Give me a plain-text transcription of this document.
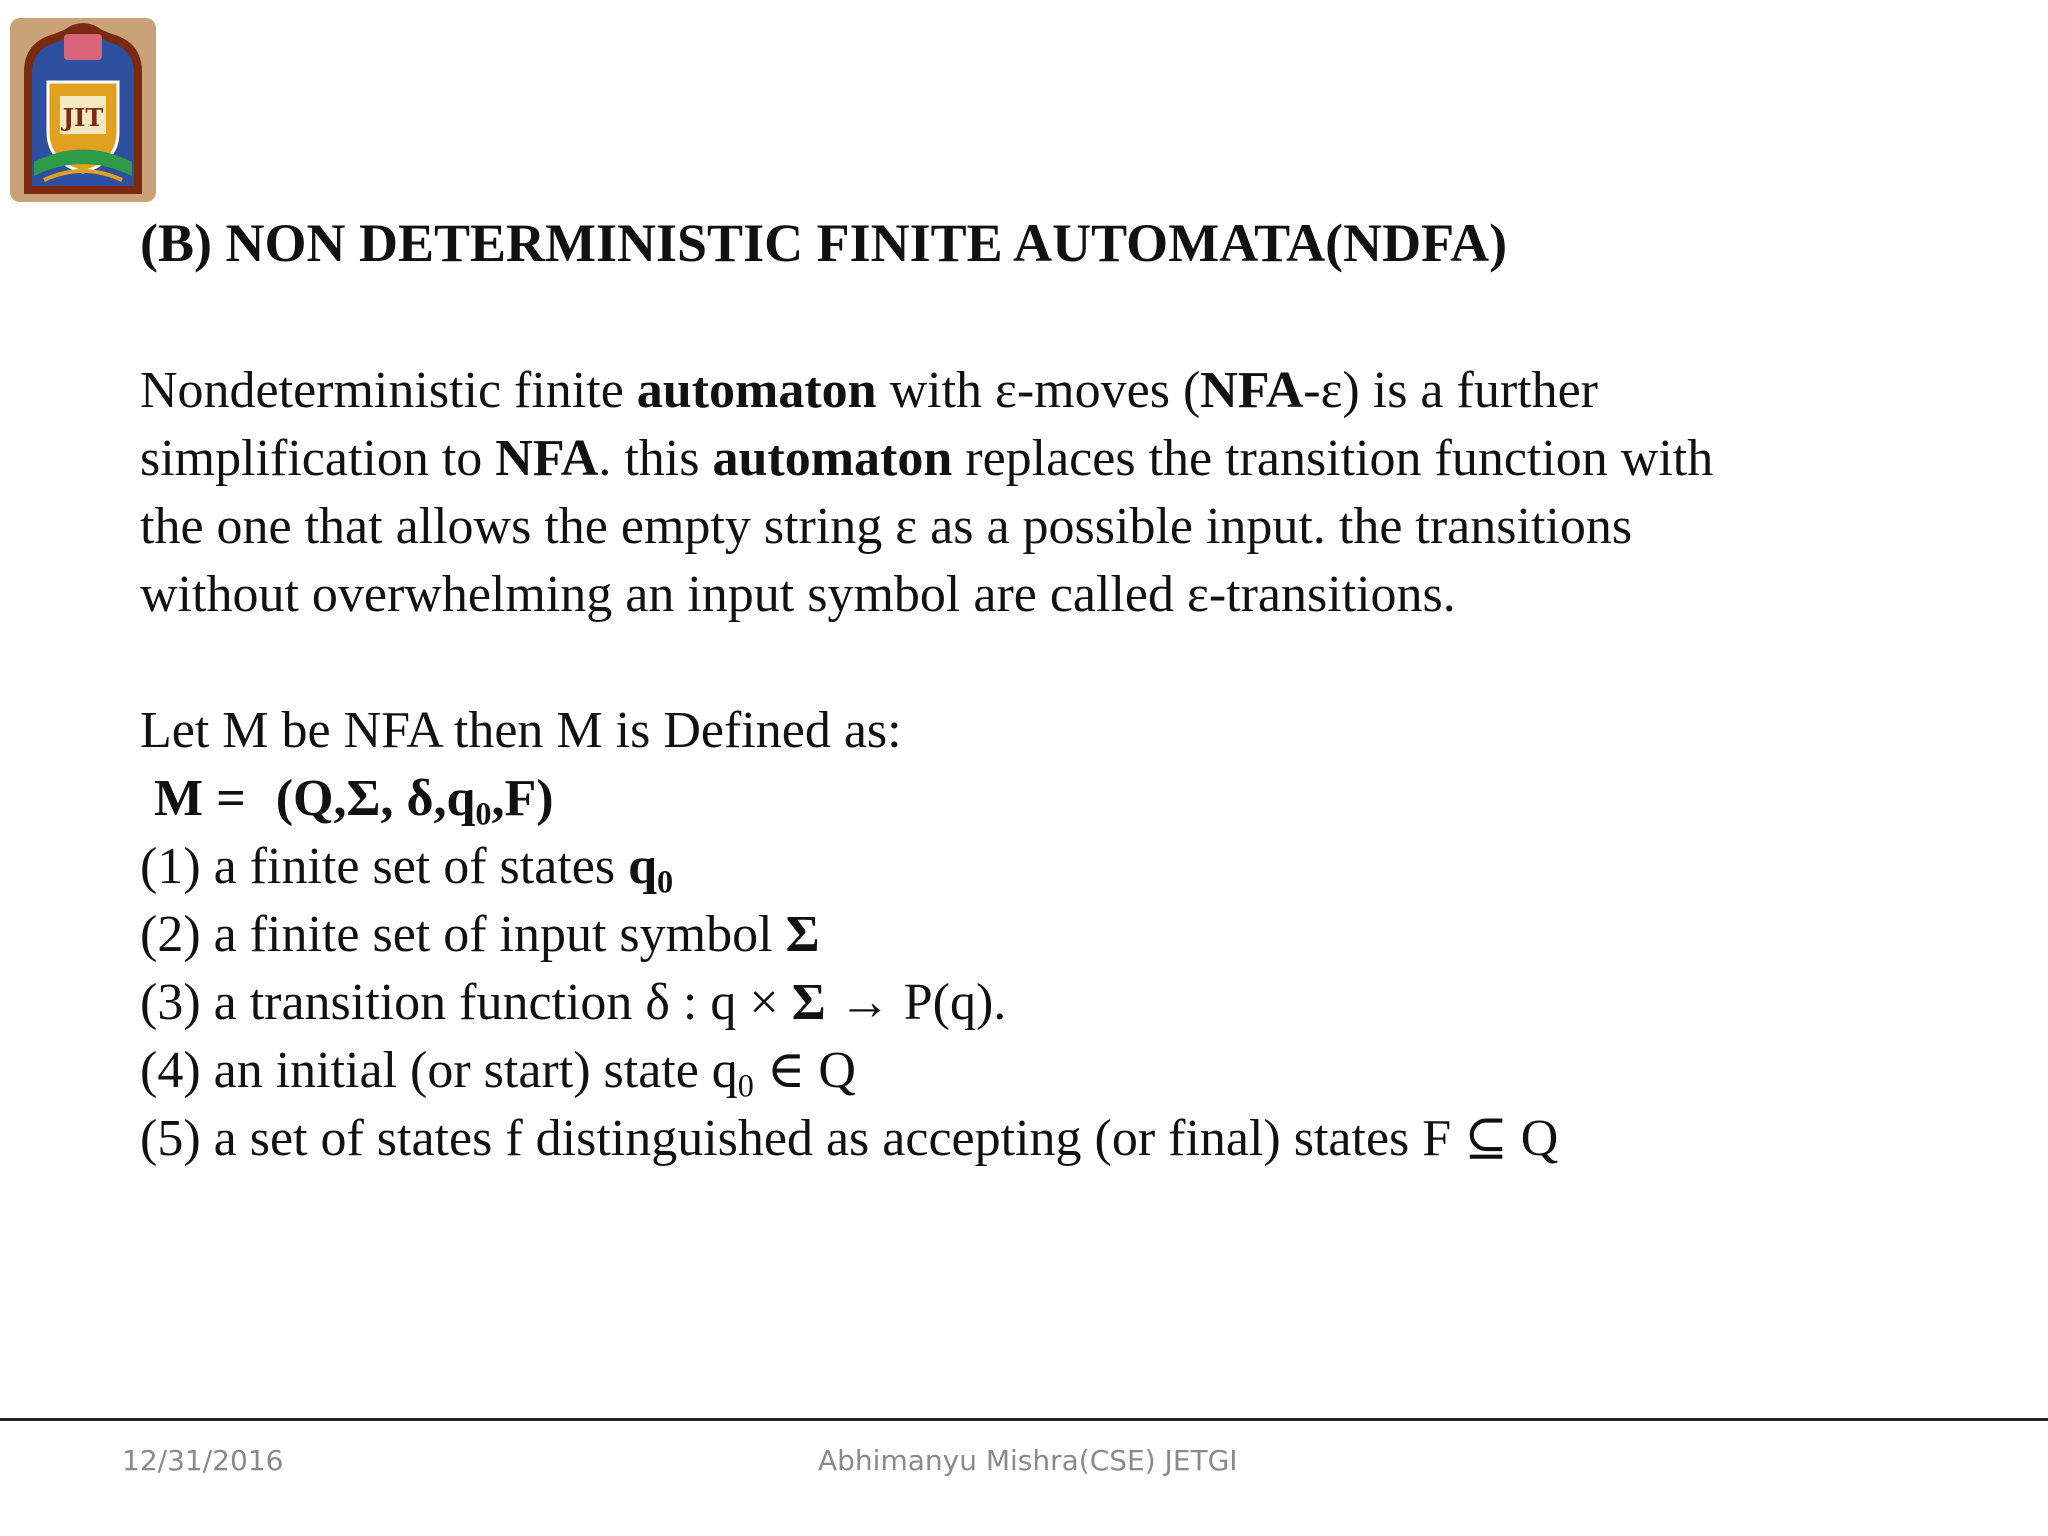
JIT
(B) NON DETERMINISTIC FINITE AUTOMATA(NDFA)
Nondeterministic finite automaton with ε-moves (NFA-ε) is a further
simplification to NFA. this automaton replaces the transition function with
the one that allows the empty string ε as a possible input. the transitions
without overwhelming an input symbol are called ε-transitions.
Let M be NFA then M is Defined as:
M = (Q,Σ, $\delta,q_0,F$)
(1) a finite set of states $q_0$
(2) a finite set of input symbol Σ
(3) a transition function δ : q × Σ → P(q).
(4) an initial (or start) state $q_0$ ∈ Q
(5) a set of states f distinguished as accepting (or final) states F ⊆ Q
12/31/2016	Abhimanyu Mishra(CSE) JETGI
